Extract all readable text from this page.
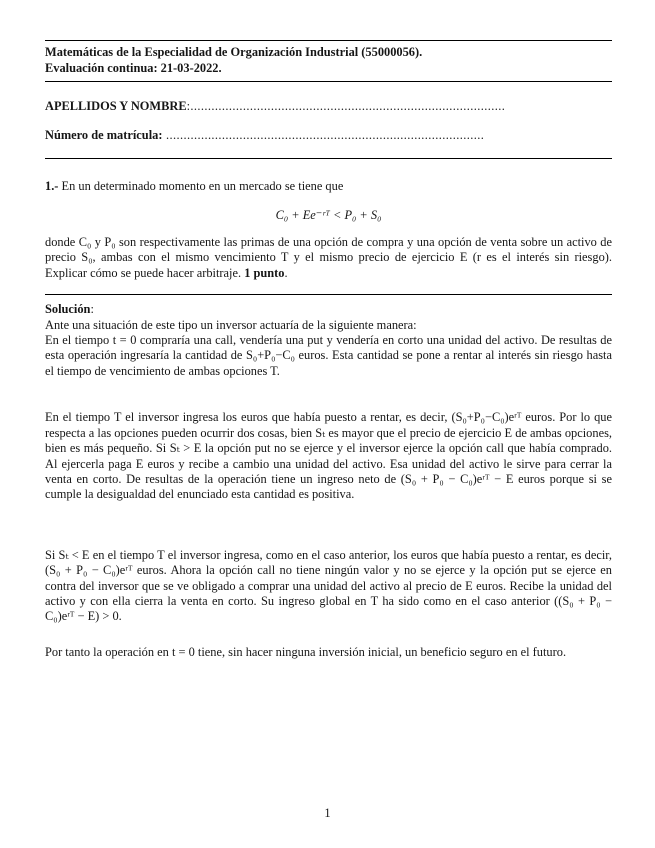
Matemáticas de la Especialidad de Organización Industrial (55000056).
Evaluación continua: 21-03-2022.
APELLIDOS Y NOMBRE:..........................................................................................
Número de matrícula: ...........................................................................................

1.- En un determinado momento en un mercado se tiene que

C₀ + Ee⁻ʳᵀ < P₀ + S₀

donde C₀ y P₀ son respectivamente las primas de una opción de compra y una opción de venta sobre un activo de precio S₀, ambas con el mismo vencimiento T y el mismo precio de ejercicio E (r es el interés sin riesgo). Explicar cómo se puede hacer arbitraje. 1 punto.

Solución:

Ante una situación de este tipo un inversor actuaría de la siguiente manera:

En el tiempo t = 0 compraría una call, vendería una put y vendería en corto una unidad del activo. De resultas de esta operación ingresaría la cantidad de S₀+P₀−C₀ euros. Esta cantidad se pone a rentar al interés sin riesgo hasta el tiempo de vencimiento de ambas opciones T.

En el tiempo T el inversor ingresa los euros que había puesto a rentar, es decir, (S₀+P₀−C₀)eʳᵀ euros. Por lo que respecta a las opciones pueden ocurrir dos cosas, bien Sₜ es mayor que el precio de ejercicio E de ambas opciones, bien es más pequeño. Si Sₜ > E la opción put no se ejerce y el inversor ejerce la opción call que había comprado. Al ejercerla paga E euros y recibe a cambio una unidad del activo. Esa unidad del activo le sirve para cerrar la venta en corto. De resultas de la operación tiene un ingreso neto de (S₀ + P₀ − C₀)eʳᵀ − E euros porque si se cumple la desigualdad del enunciado esta cantidad es positiva.

Si Sₜ < E en el tiempo T el inversor ingresa, como en el caso anterior, los euros que había puesto a rentar, es decir, (S₀ + P₀ − C₀)eʳᵀ euros. Ahora la opción call no tiene ningún valor y no se ejerce y la opción put se ejerce en contra del inversor que se ve obligado a comprar una unidad del activo al precio de E euros. Recibe la unidad del activo y con ella cierra la venta en corto. Su ingreso global en T ha sido como en el caso anterior ((S₀ + P₀ − C₀)eʳᵀ − E) > 0.

Por tanto la operación en t = 0 tiene, sin hacer ninguna inversión inicial, un beneficio seguro en el futuro.

1
